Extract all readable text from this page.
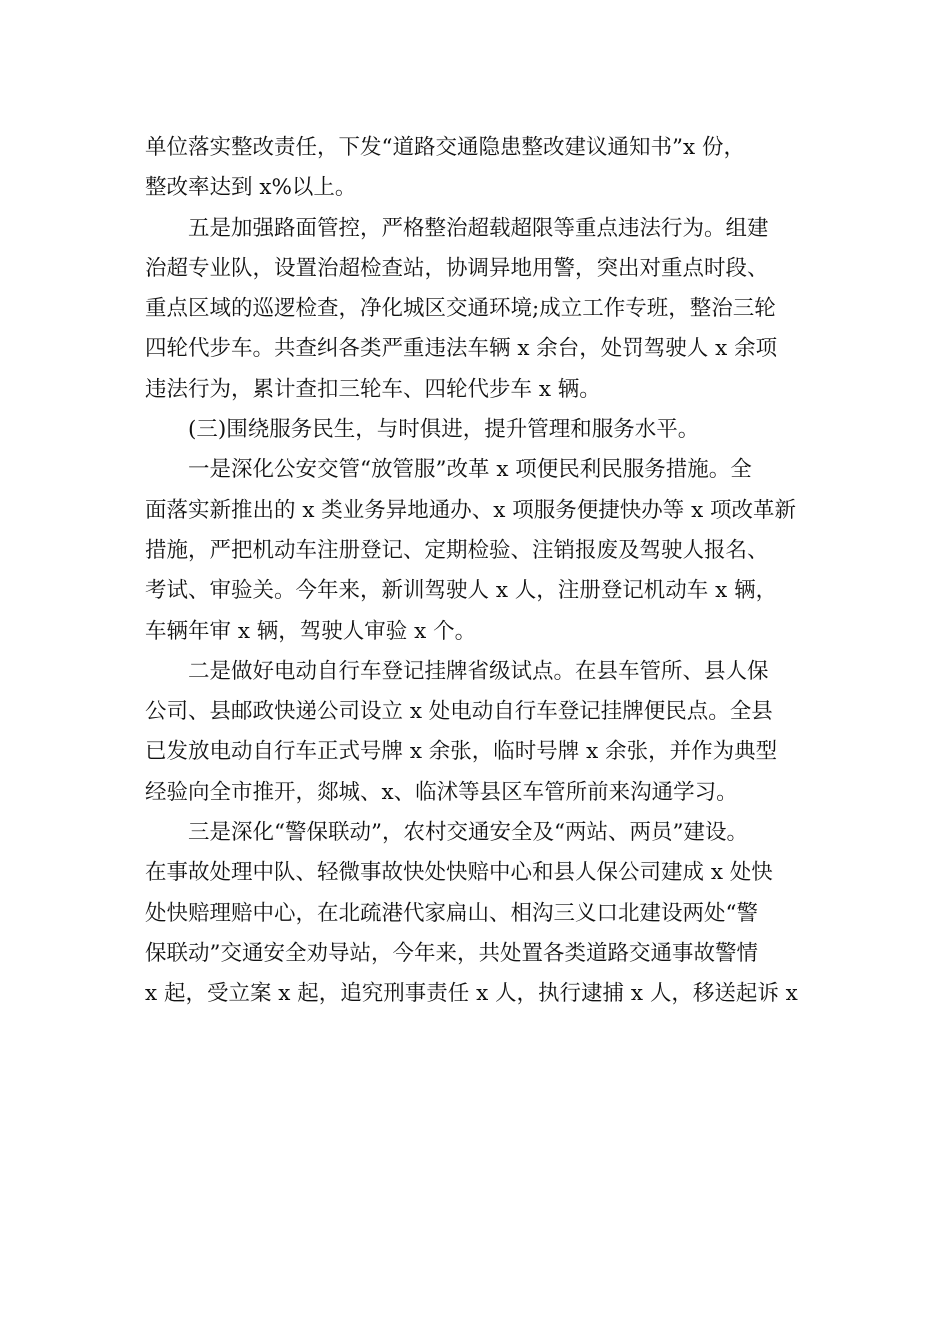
单位落实整改责任，下发“道路交通隐患整改建议通知书”x 份，
整改率达到 x%以上。

五是加强路面管控，严格整治超载超限等重点违法行为。组建
治超专业队，设置治超检查站，协调异地用警，突出对重点时段、
重点区域的巡逻检查，净化城区交通环境;成立工作专班，整治三轮
四轮代步车。共查纠各类严重违法车辆 x 余台，处罚驾驶人 x 余项
违法行为，累计查扣三轮车、四轮代步车 x 辆。

(三)围绕服务民生，与时俱进，提升管理和服务水平。

一是深化公安交管“放管服”改革 x 项便民利民服务措施。全
面落实新推出的 x 类业务异地通办、x 项服务便捷快办等 x 项改革新
措施，严把机动车注册登记、定期检验、注销报废及驾驶人报名、
考试、审验关。今年来，新训驾驶人 x 人，注册登记机动车 x 辆，
车辆年审 x 辆，驾驶人审验 x 个。

二是做好电动自行车登记挂牌省级试点。在县车管所、县人保
公司、县邮政快递公司设立 x 处电动自行车登记挂牌便民点。全县
已发放电动自行车正式号牌 x 余张，临时号牌 x 余张，并作为典型
经验向全市推开，郯城、x、临沭等县区车管所前来沟通学习。

三是深化“警保联动”，农村交通安全及“两站、两员”建设。
在事故处理中队、轻微事故快处快赔中心和县人保公司建成 x 处快
处快赔理赔中心，在北疏港代家扁山、相沟三义口北建设两处“警
保联动”交通安全劝导站，今年来，共处置各类道路交通事故警情
x 起，受立案 x 起，追究刑事责任 x 人，执行逮捕 x 人，移送起诉 x
